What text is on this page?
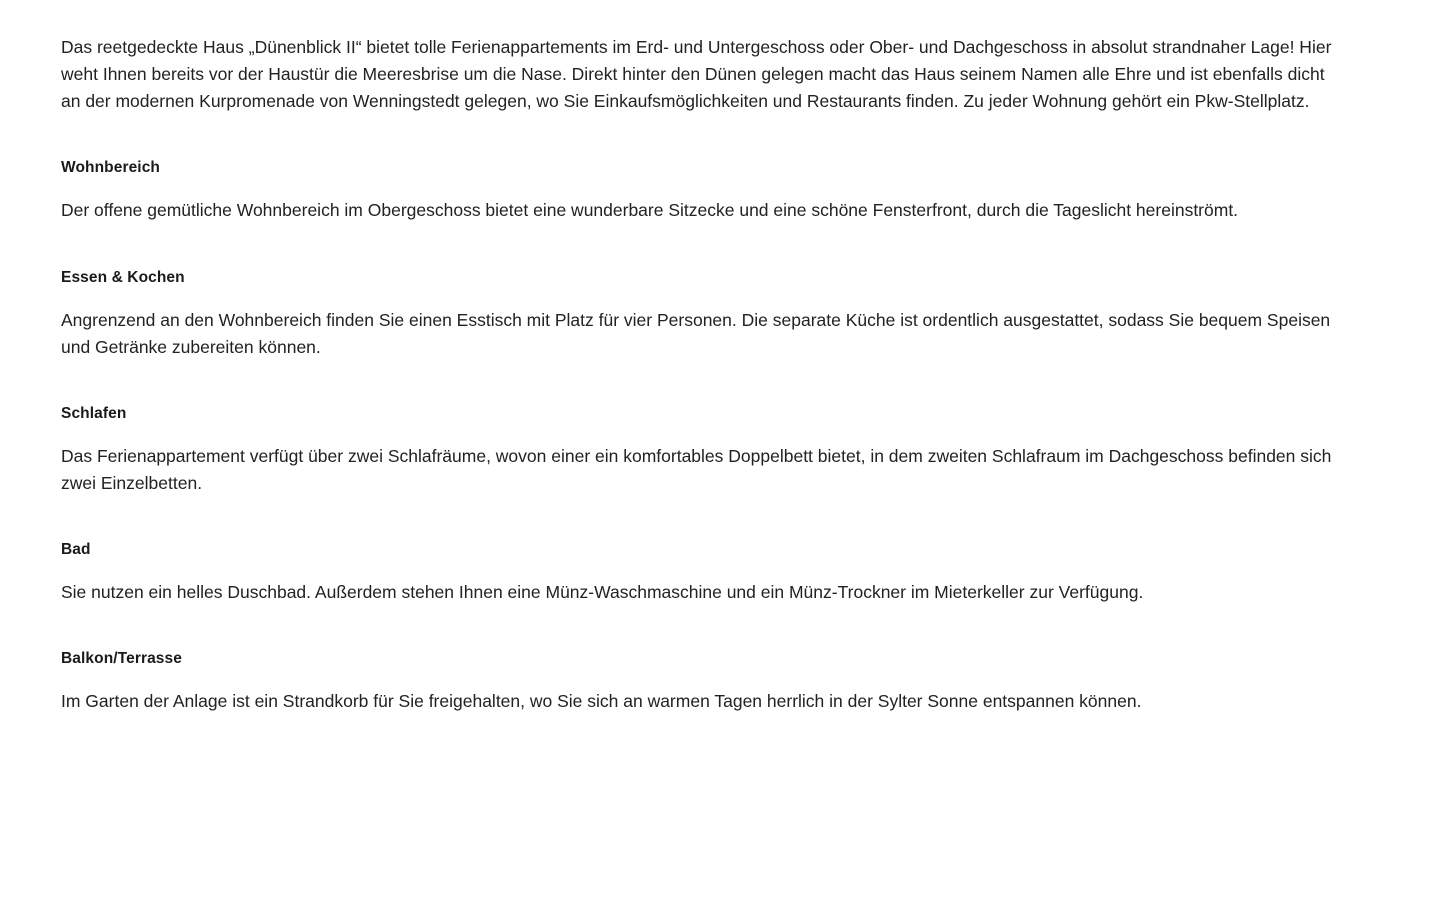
Das reetgedeckte Haus „Dünenblick II“ bietet tolle Ferienappartements im Erd- und Untergeschoss oder Ober- und Dachgeschoss in absolut strandnaher Lage! Hier weht Ihnen bereits vor der Haustür die Meeresbrise um die Nase. Direkt hinter den Dünen gelegen macht das Haus seinem Namen alle Ehre und ist ebenfalls dicht an der modernen Kurpromenade von Wenningstedt gelegen, wo Sie Einkaufsmöglichkeiten und Restaurants finden. Zu jeder Wohnung gehört ein Pkw-Stellplatz.

Wohnbereich

Der offene gemütliche Wohnbereich im Obergeschoss bietet eine wunderbare Sitzecke und eine schöne Fensterfront, durch die Tageslicht hereinströmt.

Essen & Kochen

Angrenzend an den Wohnbereich finden Sie einen Esstisch mit Platz für vier Personen. Die separate Küche ist ordentlich ausgestattet, sodass Sie bequem Speisen und Getränke zubereiten können.

Schlafen

Das Ferienappartement verfügt über zwei Schlafräume, wovon einer ein komfortables Doppelbett bietet, in dem zweiten Schlafraum im Dachgeschoss befinden sich zwei Einzelbetten.

Bad

Sie nutzen ein helles Duschbad. Außerdem stehen Ihnen eine Münz-Waschmaschine und ein Münz-Trockner im Mieterkeller zur Verfügung.

Balkon/Terrasse

Im Garten der Anlage ist ein Strandkorb für Sie freigehalten, wo Sie sich an warmen Tagen herrlich in der Sylter Sonne entspannen können.
